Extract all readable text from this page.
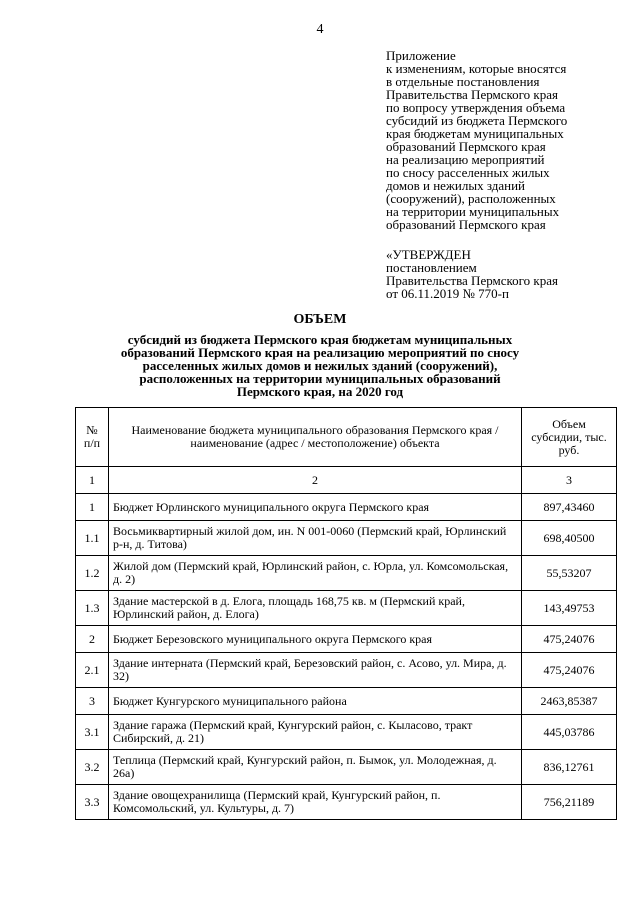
4
Приложение
к изменениям, которые вносятся
в отдельные постановления
Правительства Пермского края
по вопросу утверждения объема
субсидий из бюджета Пермского
края бюджетам муниципальных
образований Пермского края
на реализацию мероприятий
по сносу расселенных жилых
домов и нежилых зданий
(сооружений), расположенных
на территории муниципальных
образований Пермского края
«УТВЕРЖДЕН
постановлением
Правительства Пермского края
от 06.11.2019 № 770-п
ОБЪЕМ
субсидий из бюджета Пермского края бюджетам муниципальных
образований Пермского края на реализацию мероприятий по сносу
расселенных жилых домов и нежилых зданий (сооружений),
расположенных на территории муниципальных образований
Пермского края, на 2020 год
№ п/п	Наименование бюджета муниципального образования Пермского края / наименование (адрес / местоположение) объекта	Объем субсидии, тыс. руб.
1	2	3
1	Бюджет Юрлинского муниципального округа Пермского края	897,43460
1.1	Восьмиквартирный жилой дом, ин. N 001-0060 (Пермский край, Юрлинский р-н, д. Титова)	698,40500
1.2	Жилой дом (Пермский край, Юрлинский район, с. Юрла, ул. Комсомольская, д. 2)	55,53207
1.3	Здание мастерской в д. Елога, площадь 168,75 кв. м (Пермский край, Юрлинский район, д. Елога)	143,49753
2	Бюджет Березовского муниципального округа Пермского края	475,24076
2.1	Здание интерната (Пермский край, Березовский район, с. Асово, ул. Мира, д. 32)	475,24076
3	Бюджет Кунгурского муниципального района	2463,85387
3.1	Здание гаража (Пермский край, Кунгурский район, с. Кыласово, тракт Сибирский, д. 21)	445,03786
3.2	Теплица (Пермский край, Кунгурский район, п. Бымок, ул. Молодежная, д. 26а)	836,12761
3.3	Здание овощехранилища (Пермский край, Кунгурский район, п. Комсомольский, ул. Культуры, д. 7)	756,21189
